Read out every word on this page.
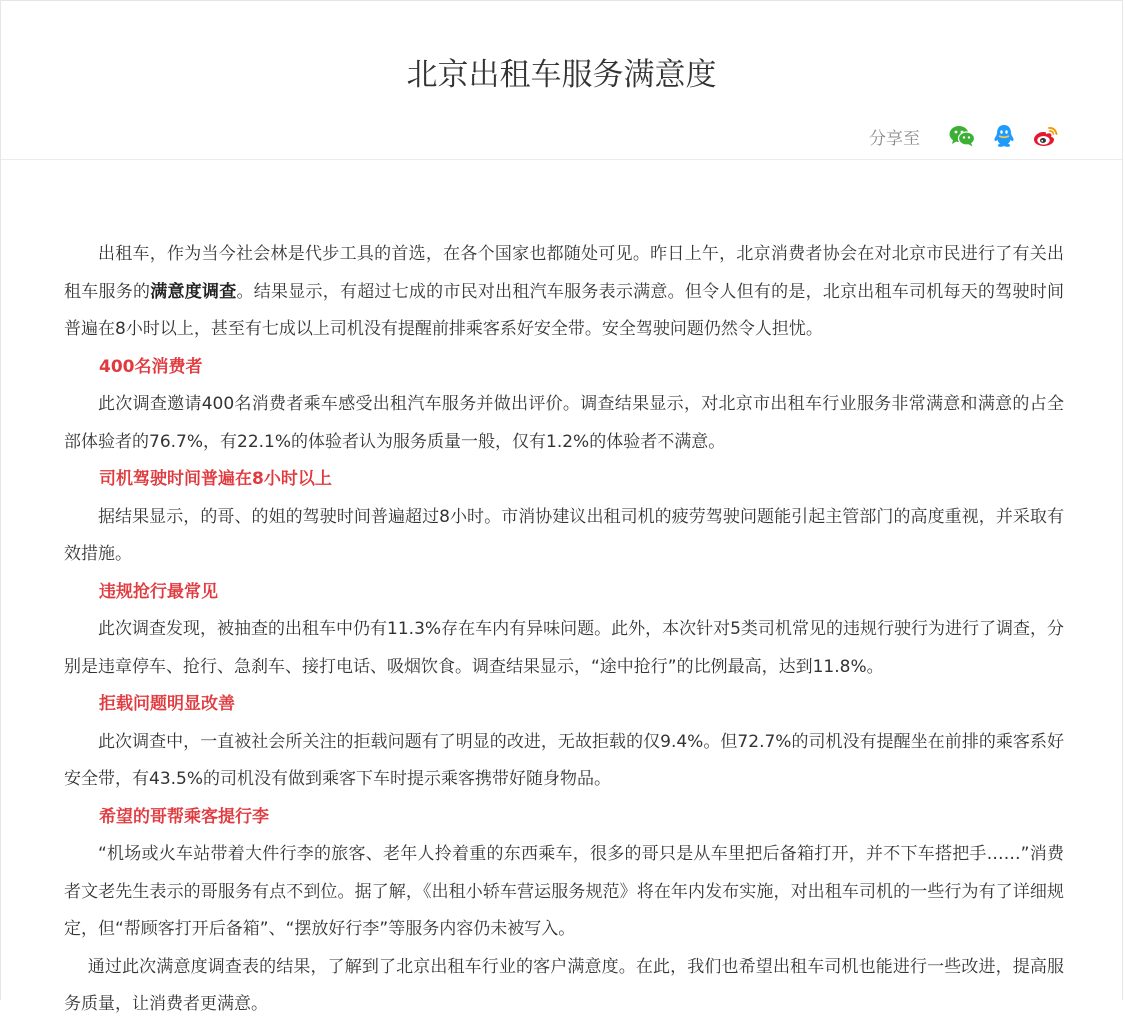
北京出租车服务满意度
分享至

出租车，作为当今社会林是代步工具的首选，在各个国家也都随处可见。昨日上午，北京消费者协会在对北京市民进行了有关出租车服务的满意度调查。结果显示，有超过七成的市民对出租汽车服务表示满意。但令人但有的是，北京出租车司机每天的驾驶时间普遍在8小时以上，甚至有七成以上司机没有提醒前排乘客系好安全带。安全驾驶问题仍然令人担忧。

400名消费者

此次调查邀请400名消费者乘车感受出租汽车服务并做出评价。调查结果显示，对北京市出租车行业服务非常满意和满意的占全部体验者的76.7%，有22.1%的体验者认为服务质量一般，仅有1.2%的体验者不满意。

司机驾驶时间普遍在8小时以上

据结果显示，的哥、的姐的驾驶时间普遍超过8小时。市消协建议出租司机的疲劳驾驶问题能引起主管部门的高度重视，并采取有效措施。

违规抢行最常见

此次调查发现，被抽查的出租车中仍有11.3%存在车内有异味问题。此外，本次针对5类司机常见的违规行驶行为进行了调查，分别是违章停车、抢行、急刹车、接打电话、吸烟饮食。调查结果显示，“途中抢行”的比例最高，达到11.8%。

拒载问题明显改善

此次调查中，一直被社会所关注的拒载问题有了明显的改进，无故拒载的仅9.4%。但72.7%的司机没有提醒坐在前排的乘客系好安全带，有43.5%的司机没有做到乘客下车时提示乘客携带好随身物品。

希望的哥帮乘客提行李

“机场或火车站带着大件行李的旅客、老年人拎着重的东西乘车，很多的哥只是从车里把后备箱打开，并不下车搭把手……”消费者文老先生表示的哥服务有点不到位。据了解，《出租小轿车营运服务规范》将在年内发布实施，对出租车司机的一些行为有了详细规定，但“帮顾客打开后备箱”、“摆放好行李”等服务内容仍未被写入。

通过此次满意度调查表的结果，了解到了北京出租车行业的客户满意度。在此，我们也希望出租车司机也能进行一些改进，提高服务质量，让消费者更满意。
